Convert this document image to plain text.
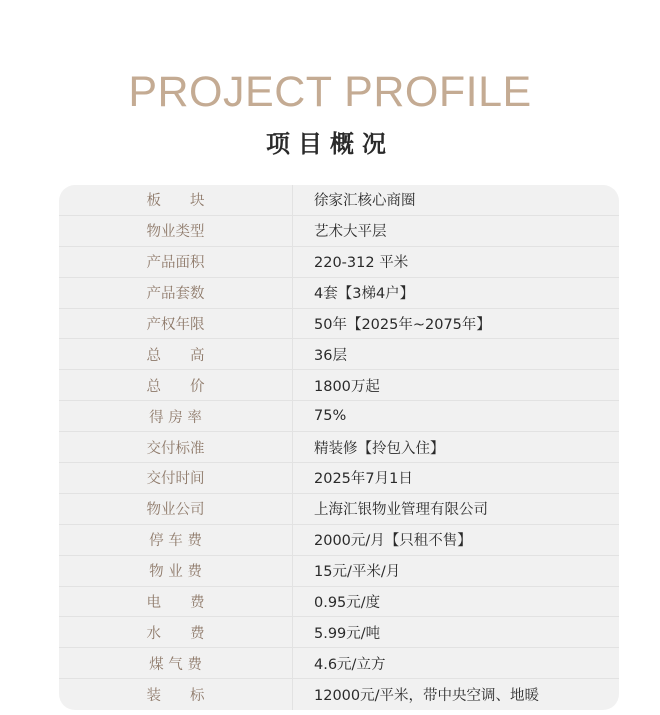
PROJECT PROFILE
项目概况
板　　块	徐家汇核心商圈
物业类型	艺术大平层
产品面积	220-312 平米
产品套数	4套【3梯4户】
产权年限	50年【2025年~2075年】
总　　高	36层
总　　价	1800万起
得 房 率	75%
交付标准	精装修【拎包入住】
交付时间	2025年7月1日
物业公司	上海汇银物业管理有限公司
停 车 费	2000元/月【只租不售】
物 业 费	15元/平米/月
电　　费	0.95元/度
水　　费	5.99元/吨
煤 气 费	4.6元/立方
装　　标	12000元/平米，带中央空调、地暖
